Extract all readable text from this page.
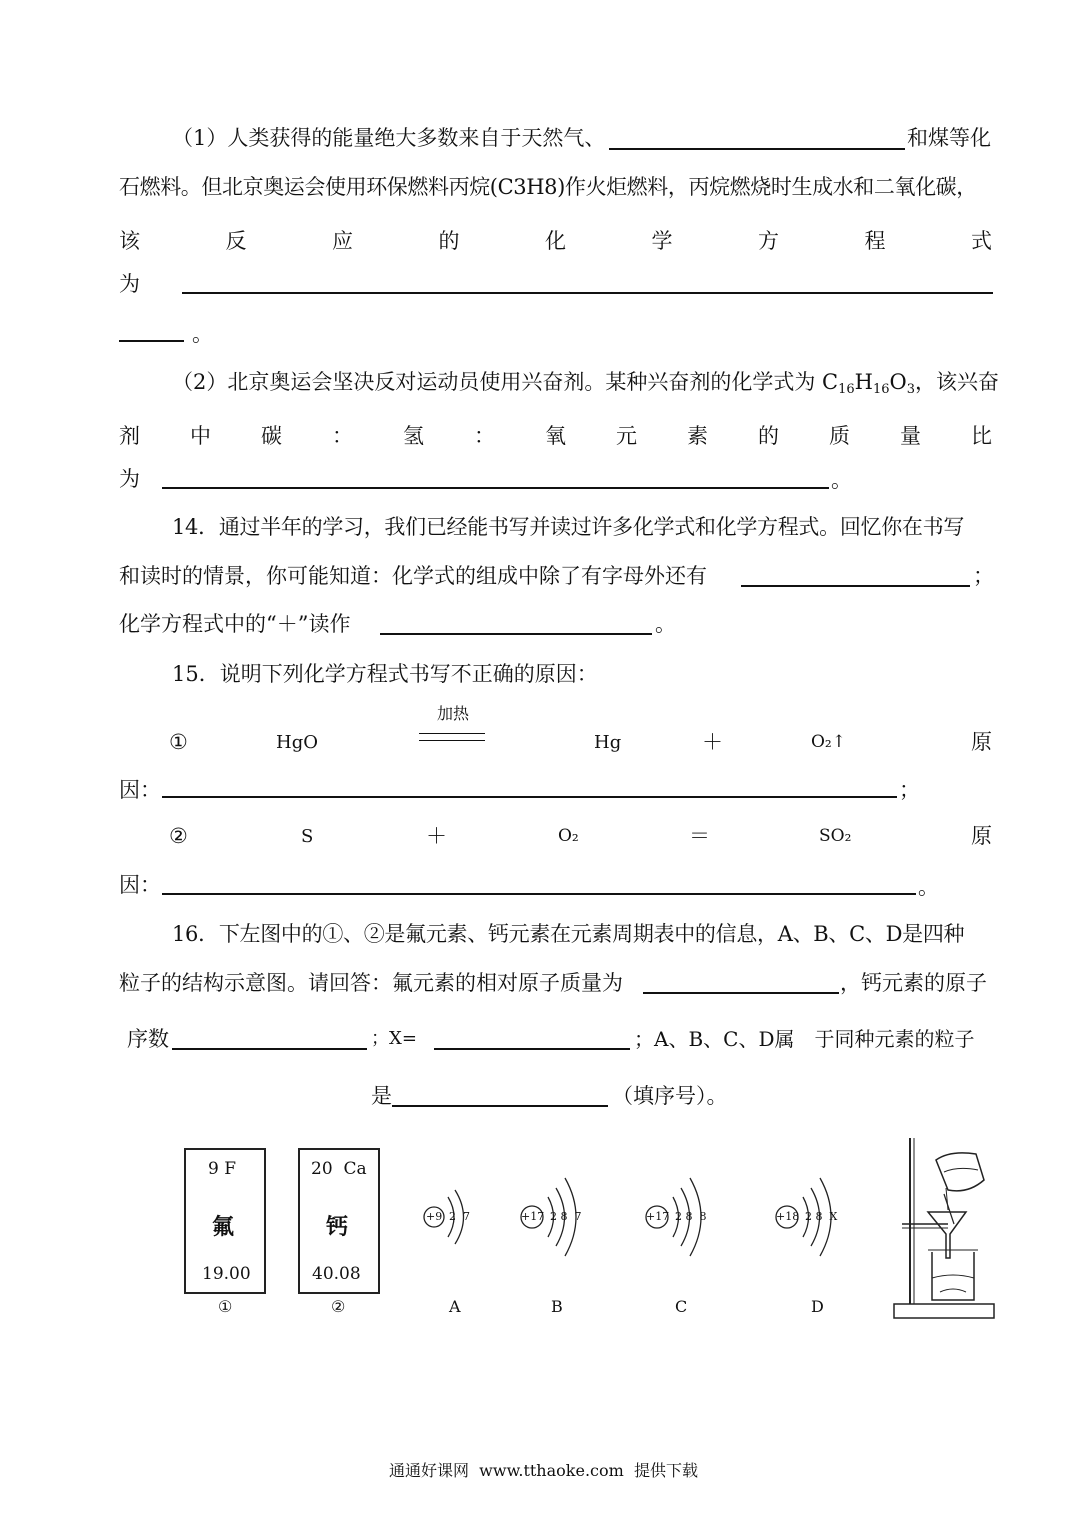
（1）人类获得的能量绝大多数来自于天然气、	和煤等化
石燃料。但北京奥运会使用环保燃料丙烷(C3H8)作火炬燃料，丙烷燃烧时生成水和二氧化碳，
该	反	应	的	化	学	方	程	式
为
。
（2）北京奥运会坚决反对运动员使用兴奋剂。某种兴奋剂的化学式为 $C_{16}H_{16}O_3$，该兴奋
剂 中 碳 ： 氢 ： 氧 元 素 的 质 量 比
为	。
14．通过半年的学习，我们已经能书写并读过许多化学式和化学方程式。回忆你在书写
和读时的情景，你可能知道：化学式的组成中除了有字母外还有	；
化学方程式中的“＋”读作	。
15．说明下列化学方程式书写不正确的原因：
加热
①	HgO	Hg	＋	O₂↑	原
因：	；
②	S	＋	O₂	＝	SO₂	原
因：	。
16．下左图中的①、②是氟元素、钙元素在元素周期表中的信息，A、B、C、D是四种
粒子的结构示意图。请回答：氟元素的相对原子质量为	，钙元素的原子
序数	；X=	；A、B、C、D属　于同种元素的粒子
是	（填序号）。
9 F
氟
19.00
①
20  Ca
钙
40.08
②
+9 2  7
A
+17 2 8  7
B
+17 2 8  8
C
+18 2 8  X
D
通通好课网  www.tthaoke.com  提供下载
